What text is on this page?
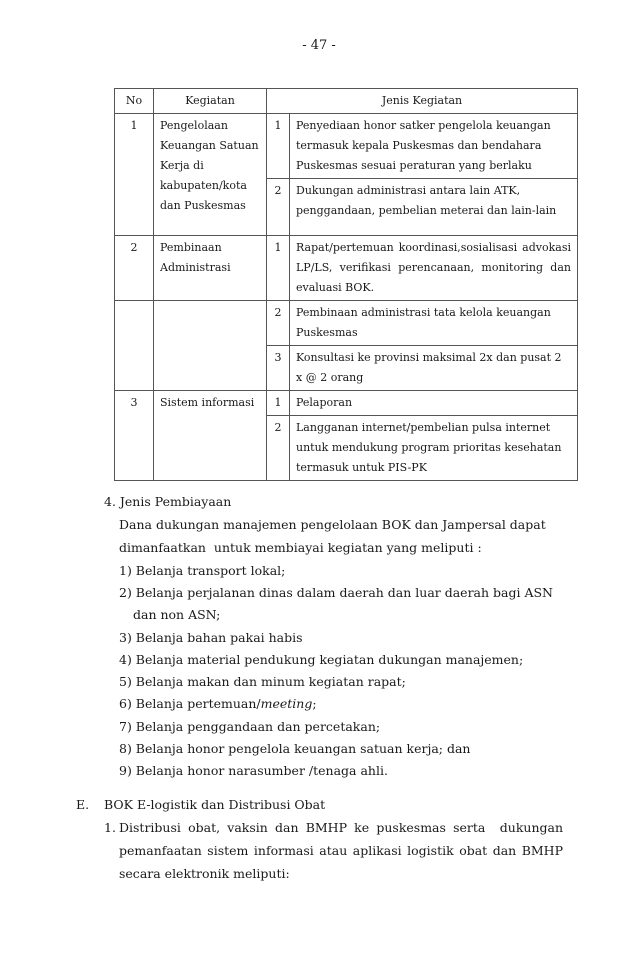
- 47 -
No	Kegiatan	Jenis Kegiatan	
1	Pengelolaan Keuangan Satuan Kerja di kabupaten/kota dan Puskesmas	1	Penyediaan honor satker pengelola keuangan termasuk kepala Puskesmas dan bendahara Puskesmas sesuai peraturan yang berlaku
		2	Dukungan administrasi antara lain ATK, penggandaan, pembelian meterai dan lain-lain
2	Pembinaan Administrasi	1	Rapat/pertemuan koordinasi,sosialisasi advokasi LP/LS, verifikasi perencanaan, monitoring dan evaluasi BOK.
		2	Pembinaan administrasi tata kelola keuangan Puskesmas
		3	Konsultasi ke provinsi maksimal 2x dan pusat 2 x @ 2 orang
3	Sistem informasi	1	Pelaporan
		2	Langganan internet/pembelian pulsa internet untuk mendukung program prioritas kesehatan termasuk untuk PIS-PK
4. Jenis Pembiayaan
Dana dukungan manajemen pengelolaan BOK dan Jampersal dapat
dimanfaatkan  untuk membiayai kegiatan yang meliputi :
1) Belanja transport lokal;
2) Belanja perjalanan dinas dalam daerah dan luar daerah bagi ASN
dan non ASN;
3) Belanja bahan pakai habis
4) Belanja material pendukung kegiatan dukungan manajemen;
5) Belanja makan dan minum kegiatan rapat;
6) Belanja pertemuan/meeting;
7) Belanja penggandaan dan percetakan;
8) Belanja honor pengelola keuangan satuan kerja; dan
9) Belanja honor narasumber /tenaga ahli.
E. BOK E-logistik dan Distribusi Obat
1. Distribusi obat, vaksin dan BMHP ke puskesmas serta  dukungan
pemanfaatan sistem informasi atau aplikasi logistik obat dan BMHP
secara elektronik meliputi:
